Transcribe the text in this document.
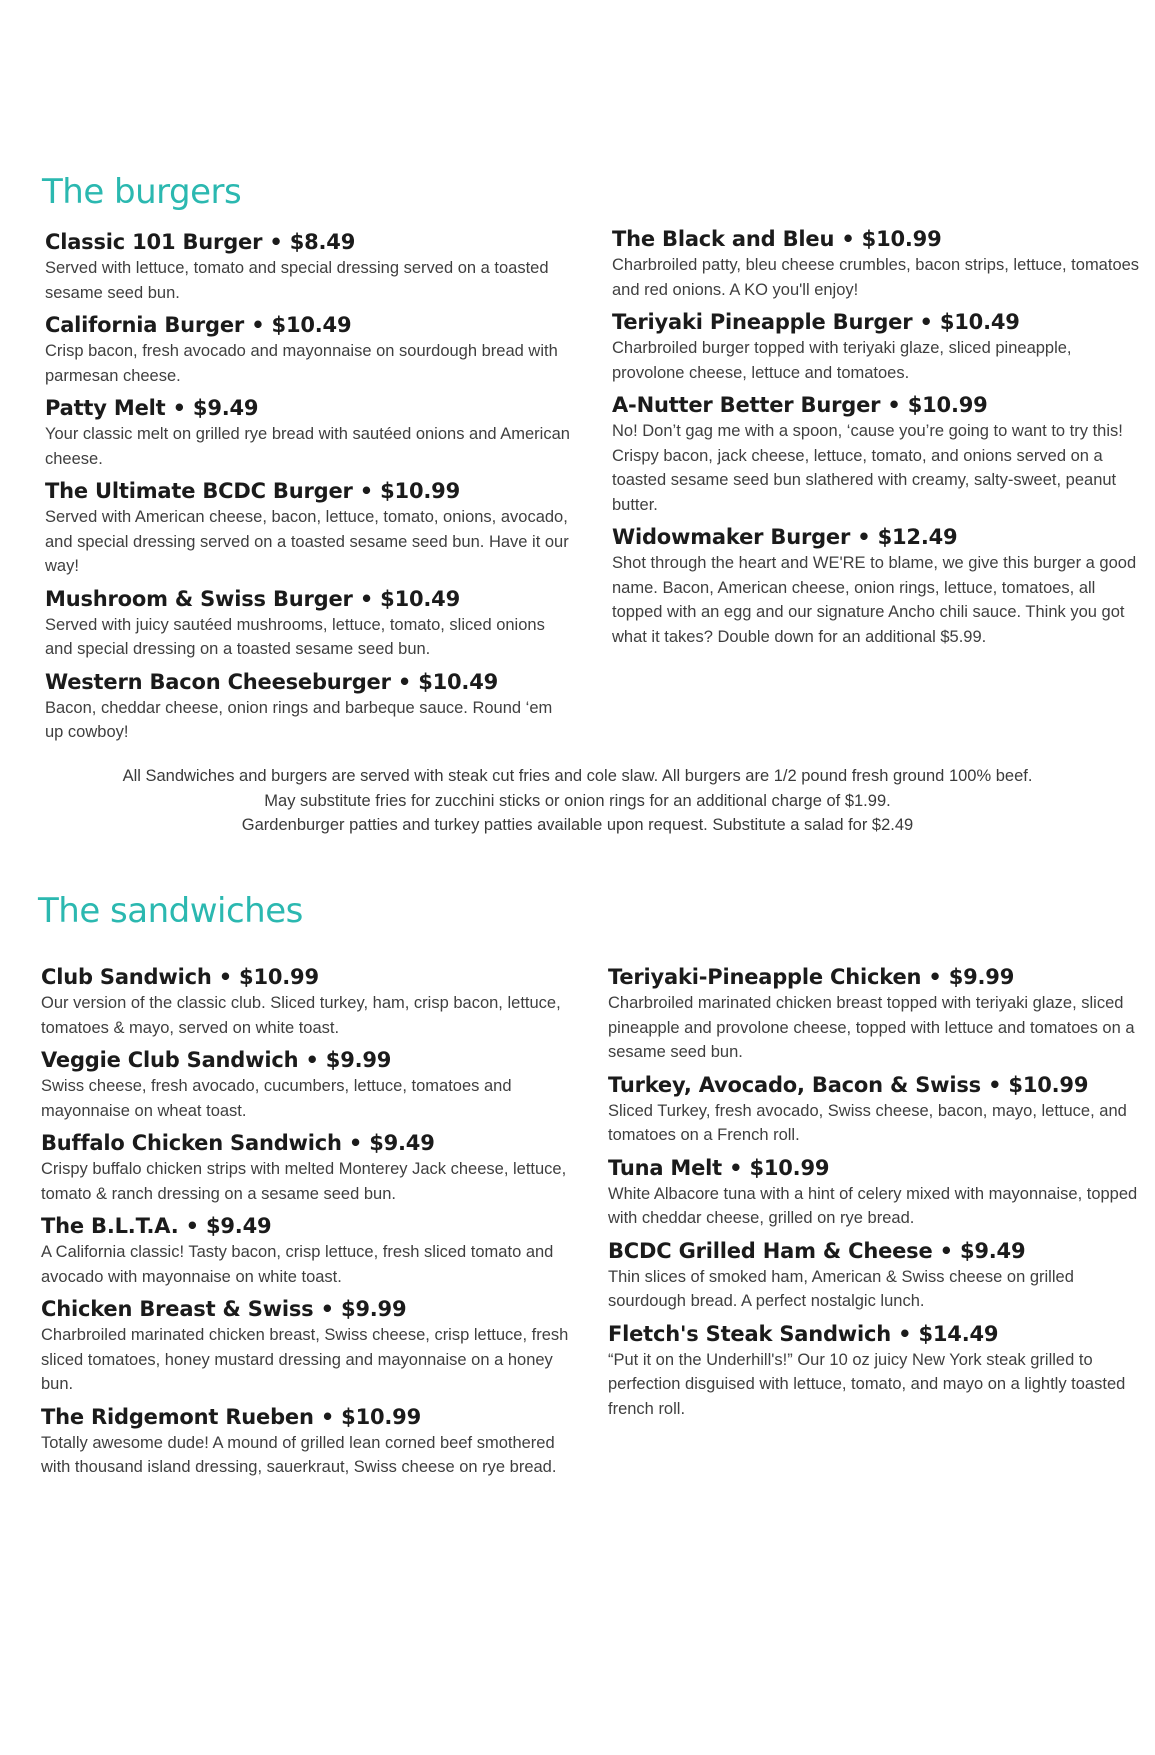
The burgers

Classic 101 Burger • $8.49

Served with lettuce, tomato and special dressing served on a toasted sesame seed bun.

California Burger • $10.49

Crisp bacon, fresh avocado and mayonnaise on sourdough bread with parmesan cheese.

Patty Melt • $9.49

Your classic melt on grilled rye bread with sautéed onions and American cheese.

The Ultimate BCDC Burger • $10.99

Served with American cheese, bacon, lettuce, tomato, onions, avocado, and special dressing served on a toasted sesame seed bun. Have it our way!

Mushroom & Swiss Burger • $10.49

Served with juicy sautéed mushrooms, lettuce, tomato, sliced onions and special dressing on a toasted sesame seed bun.

Western Bacon Cheeseburger • $10.49

Bacon, cheddar cheese, onion rings and barbeque sauce. Round ‘em up cowboy!

The Black and Bleu • $10.99

Charbroiled patty, bleu cheese crumbles, bacon strips, lettuce, tomatoes and red onions. A KO you'll enjoy!

Teriyaki Pineapple Burger • $10.49

Charbroiled burger topped with teriyaki glaze, sliced pineapple, provolone cheese, lettuce and tomatoes.

A-Nutter Better Burger • $10.99

No! Don’t gag me with a spoon, ‘cause you’re going to want to try this! Crispy bacon, jack cheese, lettuce, tomato, and onions served on a toasted sesame seed bun slathered with creamy, salty-sweet, peanut butter.

Widowmaker Burger • $12.49

Shot through the heart and WE'RE to blame, we give this burger a good name. Bacon, American cheese, onion rings, lettuce, tomatoes, all topped with an egg and our signature Ancho chili sauce. Think you got what it takes? Double down for an additional $5.99.

All Sandwiches and burgers are served with steak cut fries and cole slaw. All burgers are 1/2 pound fresh ground 100% beef.

May substitute fries for zucchini sticks or onion rings for an additional charge of $1.99.

Gardenburger patties and turkey patties available upon request. Substitute a salad for $2.49

The sandwiches

Club Sandwich • $10.99

Our version of the classic club. Sliced turkey, ham, crisp bacon, lettuce, tomatoes & mayo, served on white toast.

Veggie Club Sandwich • $9.99

Swiss cheese, fresh avocado, cucumbers, lettuce, tomatoes and mayonnaise on wheat toast.

Buffalo Chicken Sandwich • $9.49

Crispy buffalo chicken strips with melted Monterey Jack cheese, lettuce, tomato & ranch dressing on a sesame seed bun.

The B.L.T.A. • $9.49

A California classic! Tasty bacon, crisp lettuce, fresh sliced tomato and avocado with mayonnaise on white toast.

Chicken Breast & Swiss • $9.99

Charbroiled marinated chicken breast, Swiss cheese, crisp lettuce, fresh sliced tomatoes, honey mustard dressing and mayonnaise on a honey bun.

The Ridgemont Rueben • $10.99

Totally awesome dude! A mound of grilled lean corned beef smothered with thousand island dressing, sauerkraut, Swiss cheese on rye bread.

Teriyaki-Pineapple Chicken • $9.99

Charbroiled marinated chicken breast topped with teriyaki glaze, sliced pineapple and provolone cheese, topped with lettuce and tomatoes on a sesame seed bun.

Turkey, Avocado, Bacon & Swiss • $10.99

Sliced Turkey, fresh avocado, Swiss cheese, bacon, mayo, lettuce, and tomatoes on a French roll.

Tuna Melt • $10.99

White Albacore tuna with a hint of celery mixed with mayonnaise, topped with cheddar cheese, grilled on rye bread.

BCDC Grilled Ham & Cheese • $9.49

Thin slices of smoked ham, American & Swiss cheese on grilled sourdough bread. A perfect nostalgic lunch.

Fletch's Steak Sandwich • $14.49

“Put it on the Underhill's!” Our 10 oz juicy New York steak grilled to perfection disguised with lettuce, tomato, and mayo on a lightly toasted french roll.
